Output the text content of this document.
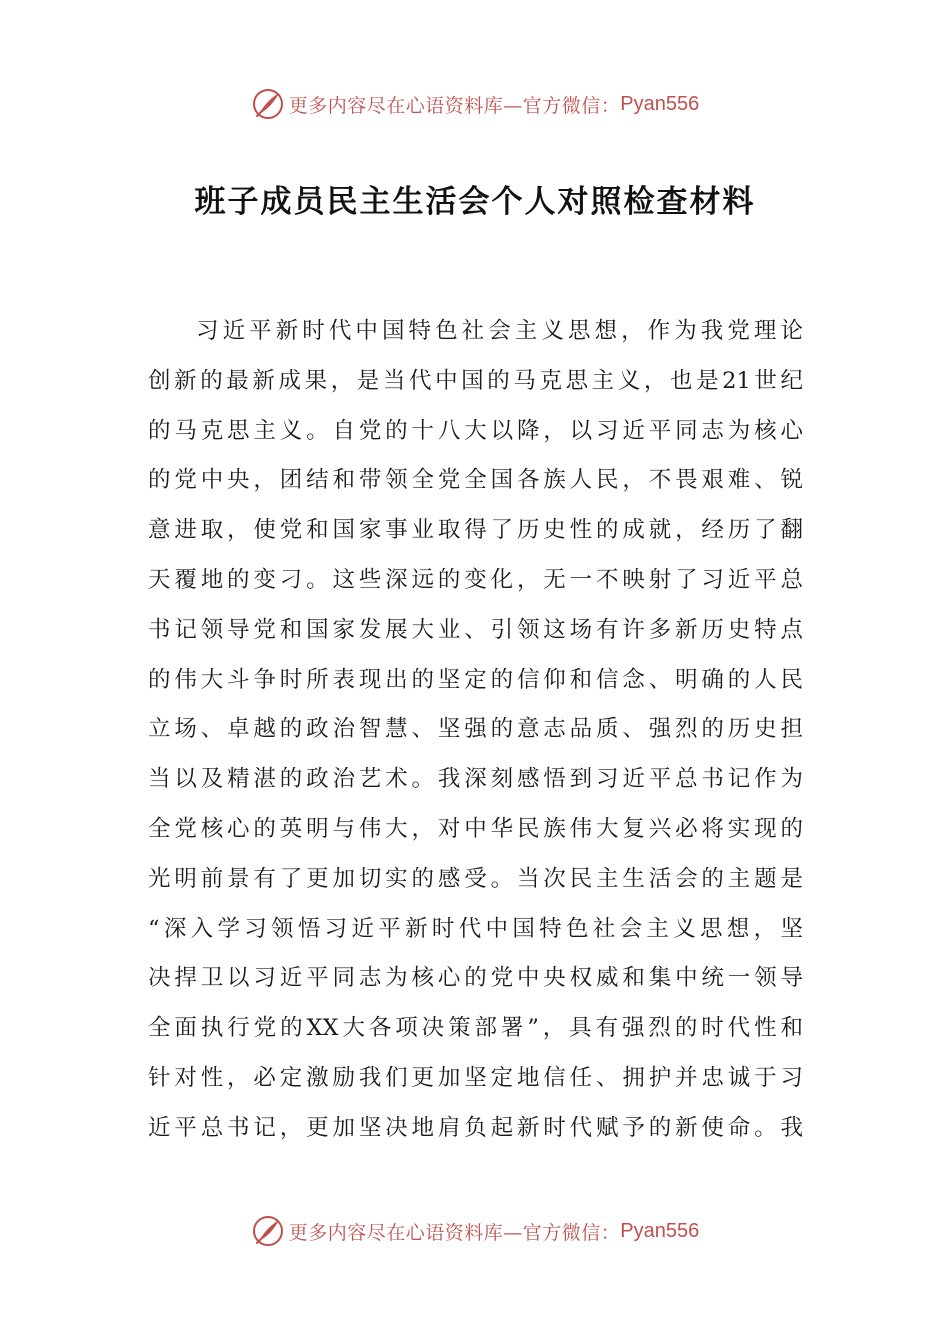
更多内容尽在心语资料库—官方微信： Pyan556
班子成员民主生活会个人对照检查材料
习近平新时代中国特色社会主义思想，作为我党理论
创新的最新成果，是当代中国的马克思主义，也是21世纪
的马克思主义。自党的十八大以降，以习近平同志为核心
的党中央，团结和带领全党全国各族人民，不畏艰难、锐
意进取，使党和国家事业取得了历史性的成就，经历了翻
天覆地的变刁。这些深远的变化，无一不映射了习近平总
书记领导党和国家发展大业、引领这场有许多新历史特点
的伟大斗争时所表现出的坚定的信仰和信念、明确的人民
立场、卓越的政治智慧、坚强的意志品质、强烈的历史担
当以及精湛的政治艺术。我深刻感悟到习近平总书记作为
全党核心的英明与伟大，对中华民族伟大复兴必将实现的
光明前景有了更加切实的感受。当次民主生活会的主题是
“深入学习领悟习近平新时代中国特色社会主义思想，坚
决捍卫以习近平同志为核心的党中央权威和集中统一领导
全面执行党的XX大各项决策部署”，具有强烈的时代性和
针对性，必定激励我们更加坚定地信任、拥护并忠诚于习
近平总书记，更加坚决地肩负起新时代赋予的新使命。我
更多内容尽在心语资料库—官方微信： Pyan556
